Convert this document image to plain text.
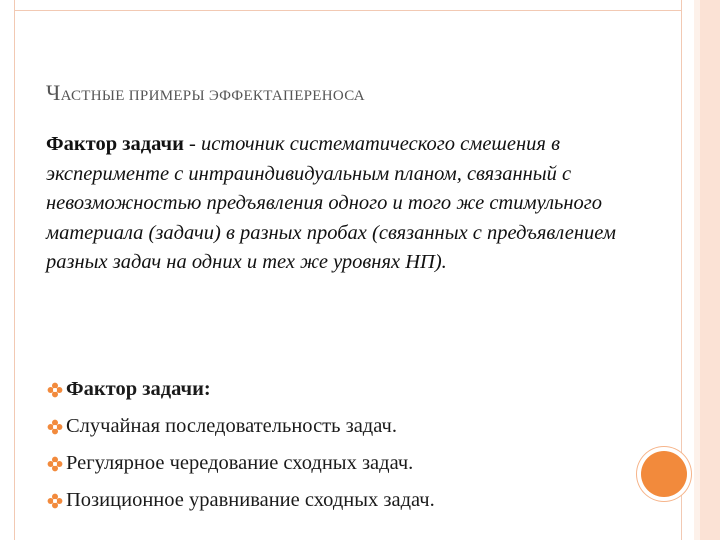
ЧАСТНЫЕ ПРИМЕРЫ ЭФФЕКТАПЕРЕНОСА
Фактор задачи - источник систематического смешения в эксперименте с интраиндивидуальным планом, связанный с невозможностью предъявления одного и того же стимульного материала (задачи) в разных пробах (связанных с предъявлением разных задач на одних и тех же уровнях НП).
Фактор задачи:
Случайная последовательность задач.
Регулярное чередование сходных задач.
Позиционное уравнивание сходных задач.
